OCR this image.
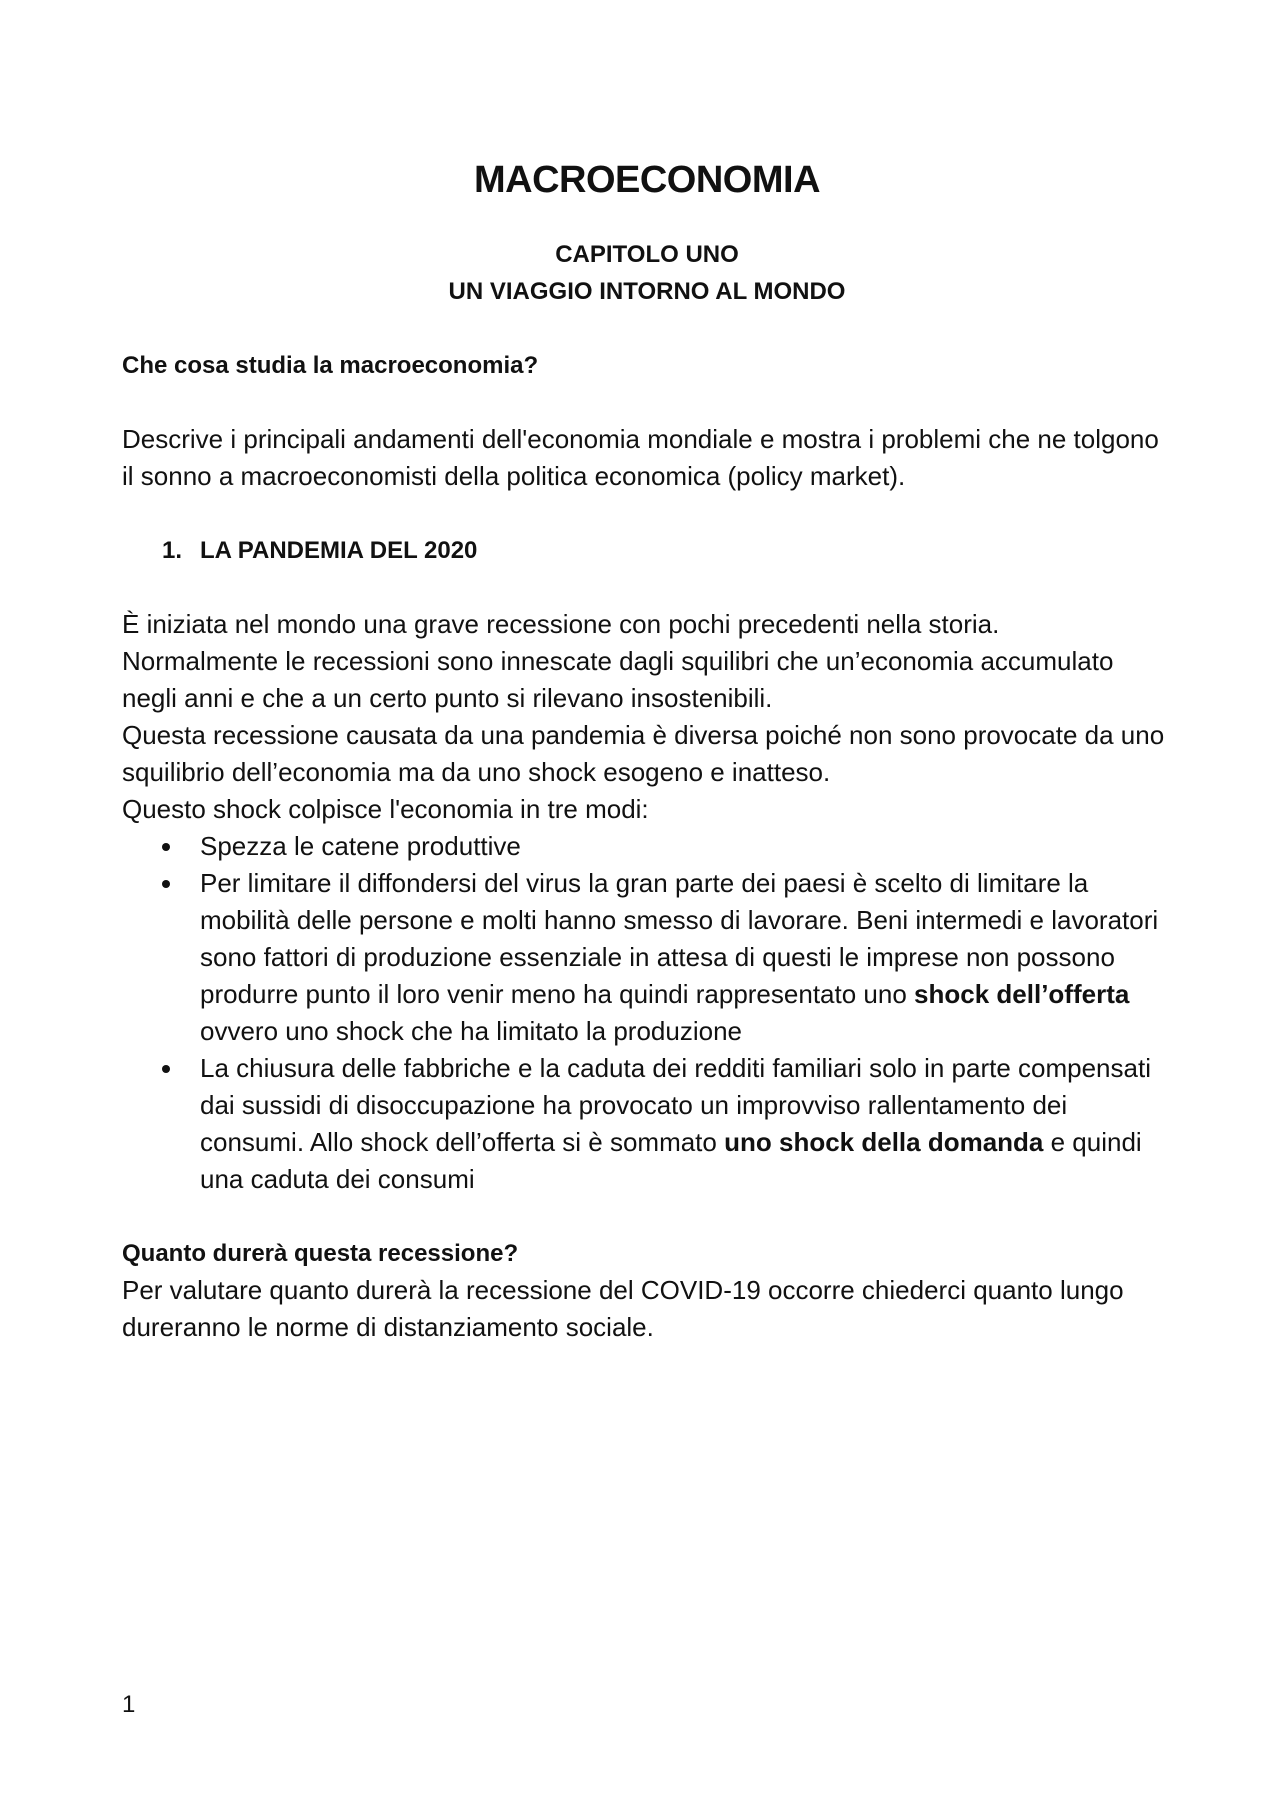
MACROECONOMIA
CAPITOLO UNO
UN VIAGGIO INTORNO AL MONDO
Che cosa studia la macroeconomia?

Descrive i principali andamenti dell'economia mondiale e mostra i problemi che ne tolgono il sonno a macroeconomisti della politica economica (policy market).

1. LA PANDEMIA DEL 2020

È iniziata nel mondo una grave recessione con pochi precedenti nella storia.

Normalmente le recessioni sono innescate dagli squilibri che un’economia accumulato negli anni e che a un certo punto si rilevano insostenibili.

Questa recessione causata da una pandemia è diversa poiché non sono provocate da uno squilibrio dell’economia ma da uno shock esogeno e inatteso.

Questo shock colpisce l'economia in tre modi:

Spezza le catene produttive
Per limitare il diffondersi del virus la gran parte dei paesi è scelto di limitare la mobilità delle persone e molti hanno smesso di lavorare. Beni intermedi e lavoratori sono fattori di produzione essenziale in attesa di questi le imprese non possono produrre punto il loro venir meno ha quindi rappresentato uno shock dell’offerta ovvero uno shock che ha limitato la produzione
La chiusura delle fabbriche e la caduta dei redditi familiari solo in parte compensati dai sussidi di disoccupazione ha provocato un improvviso rallentamento dei consumi. Allo shock dell’offerta si è sommato uno shock della domanda e quindi una caduta dei consumi
Quanto durerà questa recessione?

Per valutare quanto durerà la recessione del COVID-19 occorre chiederci quanto lungo dureranno le norme di distanziamento sociale.

1
